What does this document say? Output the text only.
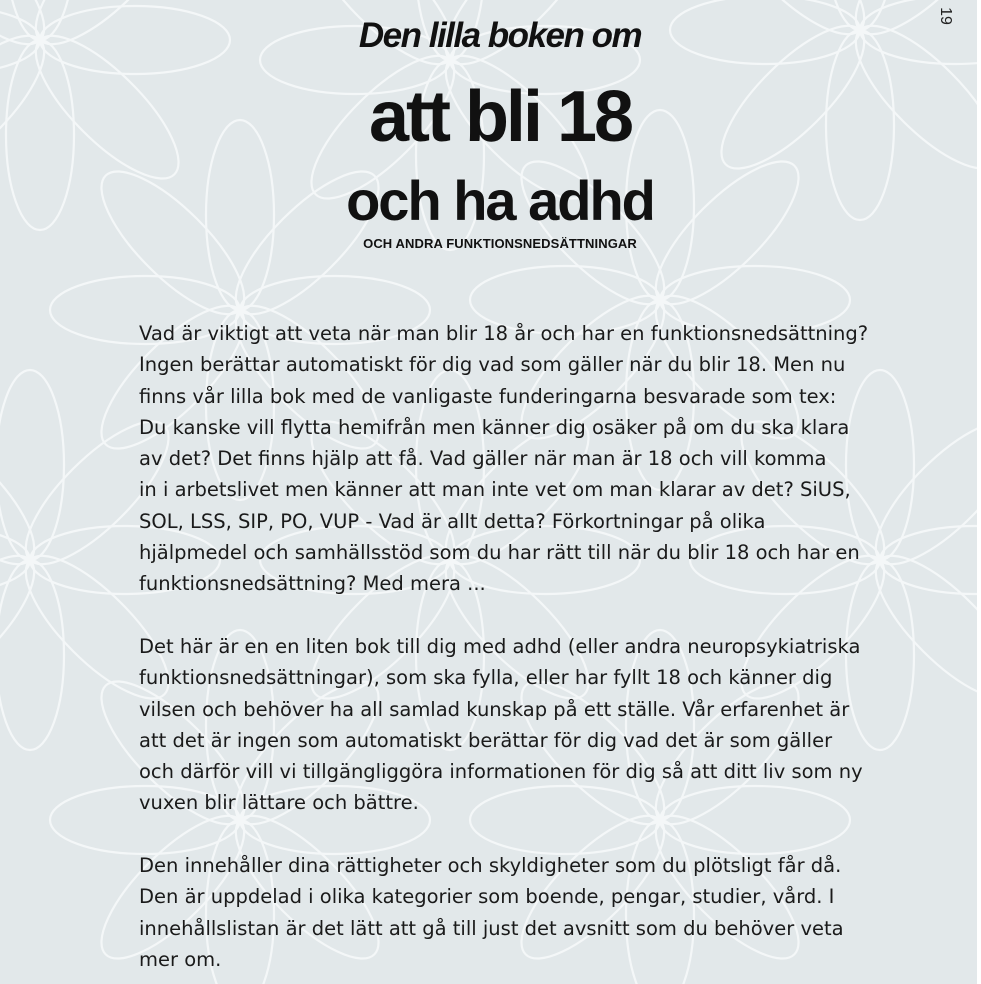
19
Den lilla boken om
att bli 18
och ha adhd
OCH ANDRA FUNKTIONSNEDSÄTTNINGAR

Vad är viktigt att veta när man blir 18 år och har en funktionsnedsättning?
Ingen berättar automatiskt för dig vad som gäller när du blir 18. Men nu
finns vår lilla bok med de vanligaste funderingarna besvarade som tex:
Du kanske vill flytta hemifrån men känner dig osäker på om du ska klara
av det? Det finns hjälp att få. Vad gäller när man är 18 och vill komma
in i arbetslivet men känner att man inte vet om man klarar av det? SiUS,
SOL, LSS, SIP, PO, VUP - Vad är allt detta? Förkortningar på olika
hjälpmedel och samhällsstöd som du har rätt till när du blir 18 och har en
funktionsnedsättning? Med mera ...

Det här är en en liten bok till dig med adhd (eller andra neuropsykiatriska
funktionsnedsättningar), som ska fylla, eller har fyllt 18 och känner dig
vilsen och behöver ha all samlad kunskap på ett ställe. Vår erfarenhet är
att det är ingen som automatiskt berättar för dig vad det är som gäller
och därför vill vi tillgängliggöra informationen för dig så att ditt liv som ny
vuxen blir lättare och bättre.

Den innehåller dina rättigheter och skyldigheter som du plötsligt får då.
Den är uppdelad i olika kategorier som boende, pengar, studier, vård. I
innehållslistan är det lätt att gå till just det avsnitt som du behöver veta
mer om.
